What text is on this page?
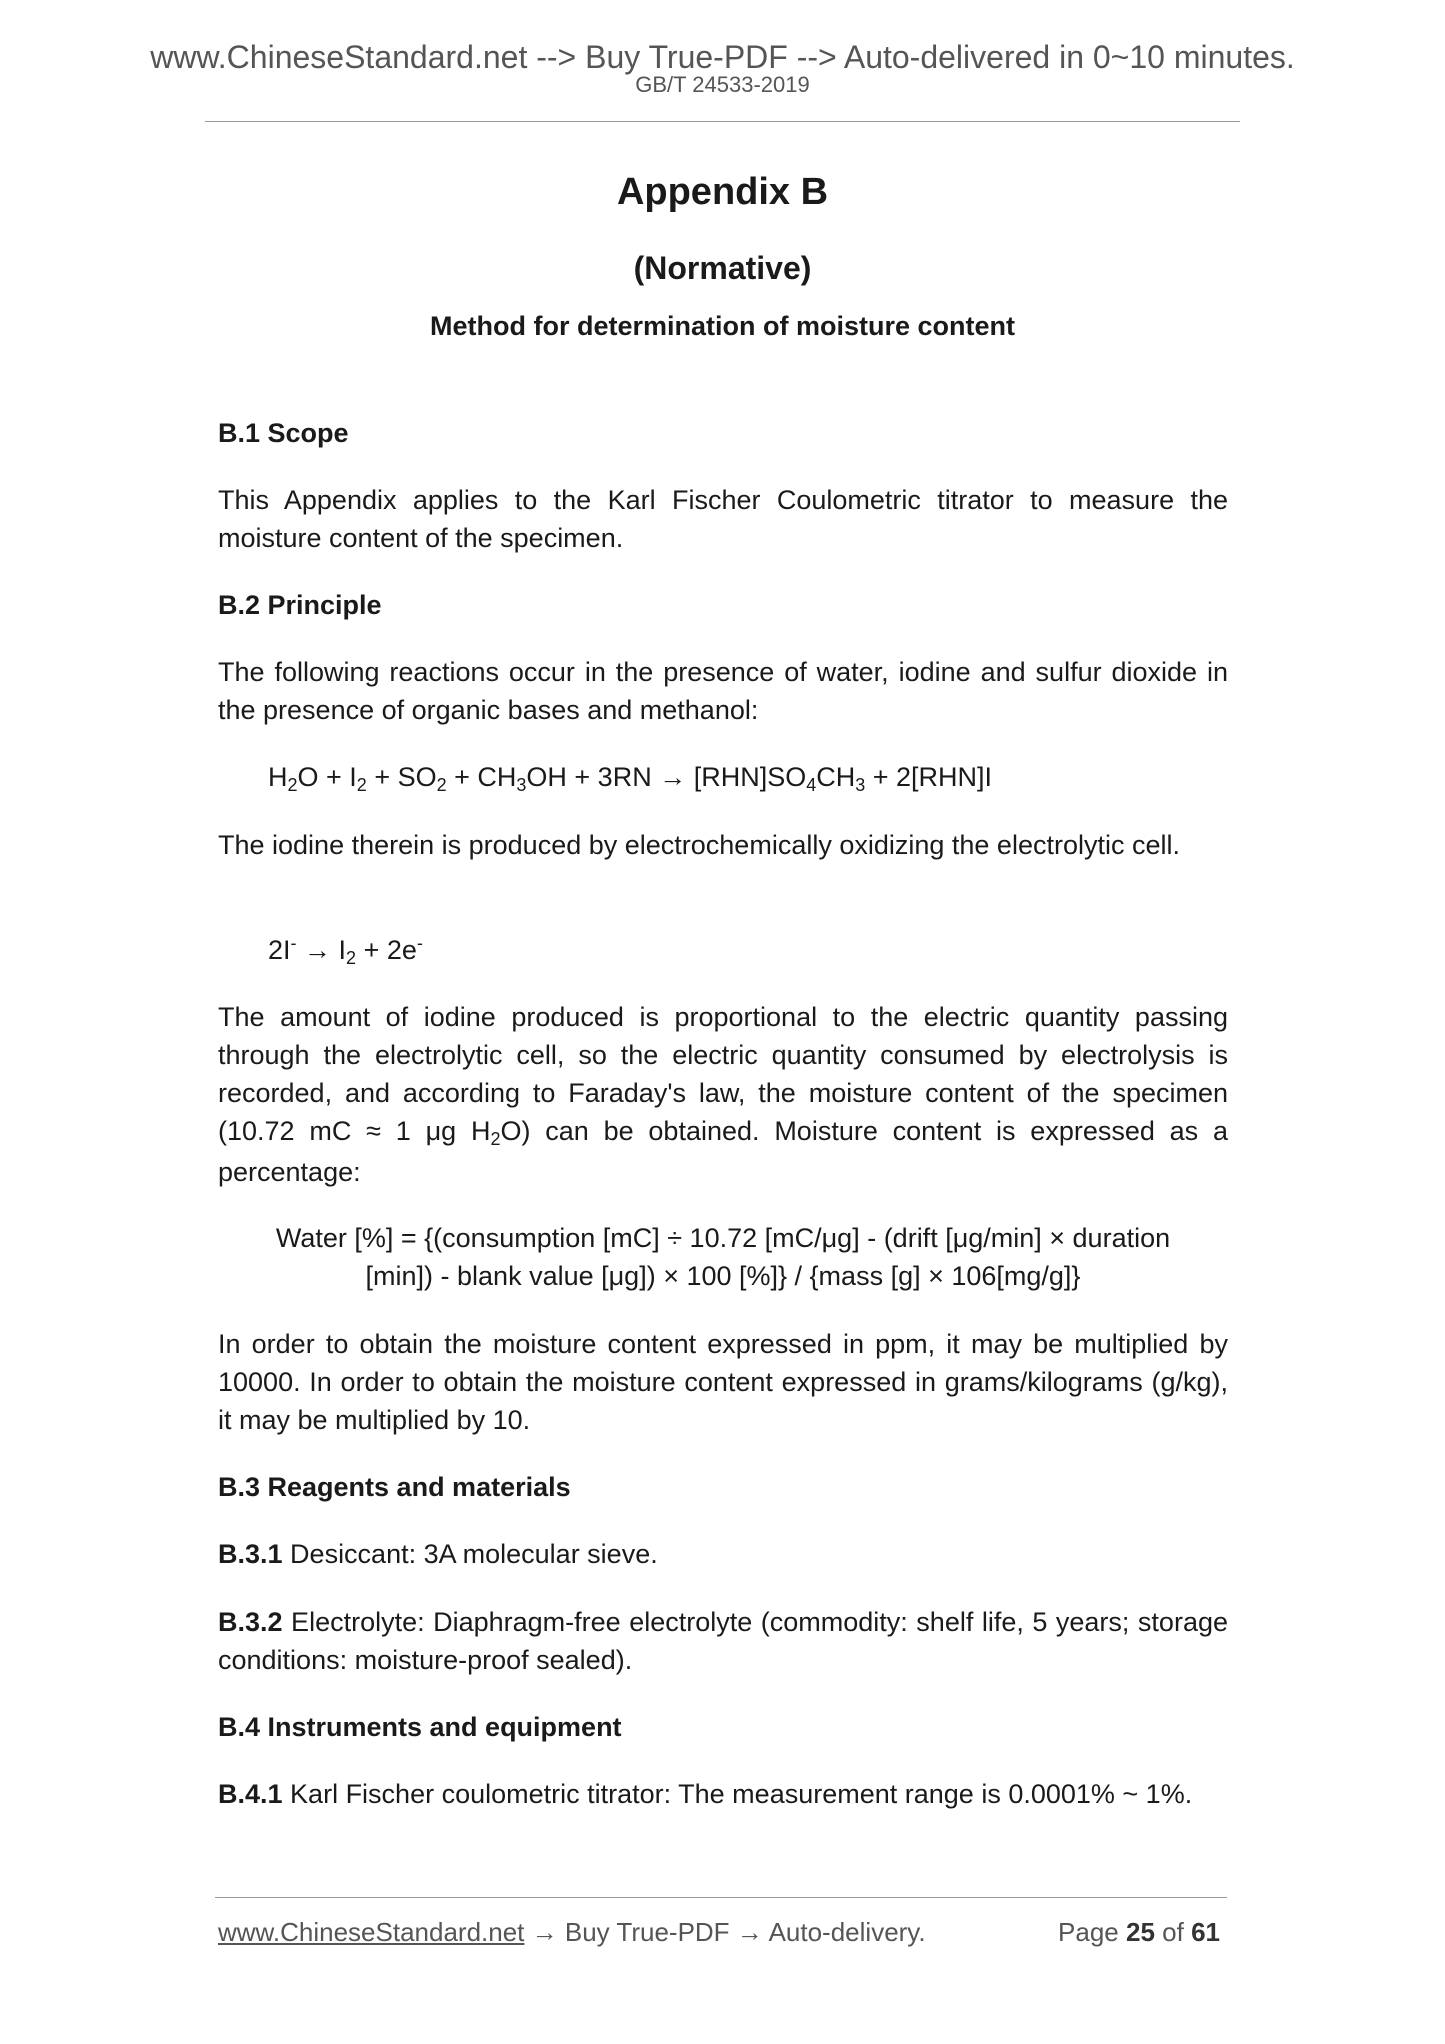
www.ChineseStandard.net --> Buy True-PDF --> Auto-delivered in 0~10 minutes.
GB/T 24533-2019
Appendix B
(Normative)
Method for determination of moisture content
B.1 Scope

This Appendix applies to the Karl Fischer Coulometric titrator to measure the moisture content of the specimen.

B.2 Principle

The following reactions occur in the presence of water, iodine and sulfur dioxide in the presence of organic bases and methanol:

$H_2O + I_2 + SO_2 + CH_3OH + 3RN \to [RHN]SO_4CH_3 + 2[RHN]I$

The iodine therein is produced by electrochemically oxidizing the electrolytic cell.

$2I^- \to I_2 + 2e^-$

The amount of iodine produced is proportional to the electric quantity passing through the electrolytic cell, so the electric quantity consumed by electrolysis is recorded, and according to Faraday's law, the moisture content of the specimen (10.72 mC ≈ 1 μg $H_2O$) can be obtained. Moisture content is expressed as a percentage:

Water [%] = {(consumption [mC] ÷ 10.72 [mC/μg] - (drift [μg/min] × duration
[min]) - blank value [μg]) × 100 [%]} / {mass [g] × 106[mg/g]}

In order to obtain the moisture content expressed in ppm, it may be multiplied by 10000. In order to obtain the moisture content expressed in grams/kilograms (g/kg), it may be multiplied by 10.

B.3 Reagents and materials

B.3.1 Desiccant: 3A molecular sieve.

B.3.2 Electrolyte: Diaphragm-free electrolyte (commodity: shelf life, 5 years; storage conditions: moisture-proof sealed).

B.4 Instruments and equipment

B.4.1 Karl Fischer coulometric titrator: The measurement range is 0.0001% ~ 1%.

www.ChineseStandard.net → Buy True-PDF → Auto-delivery.	Page 25 of 61
